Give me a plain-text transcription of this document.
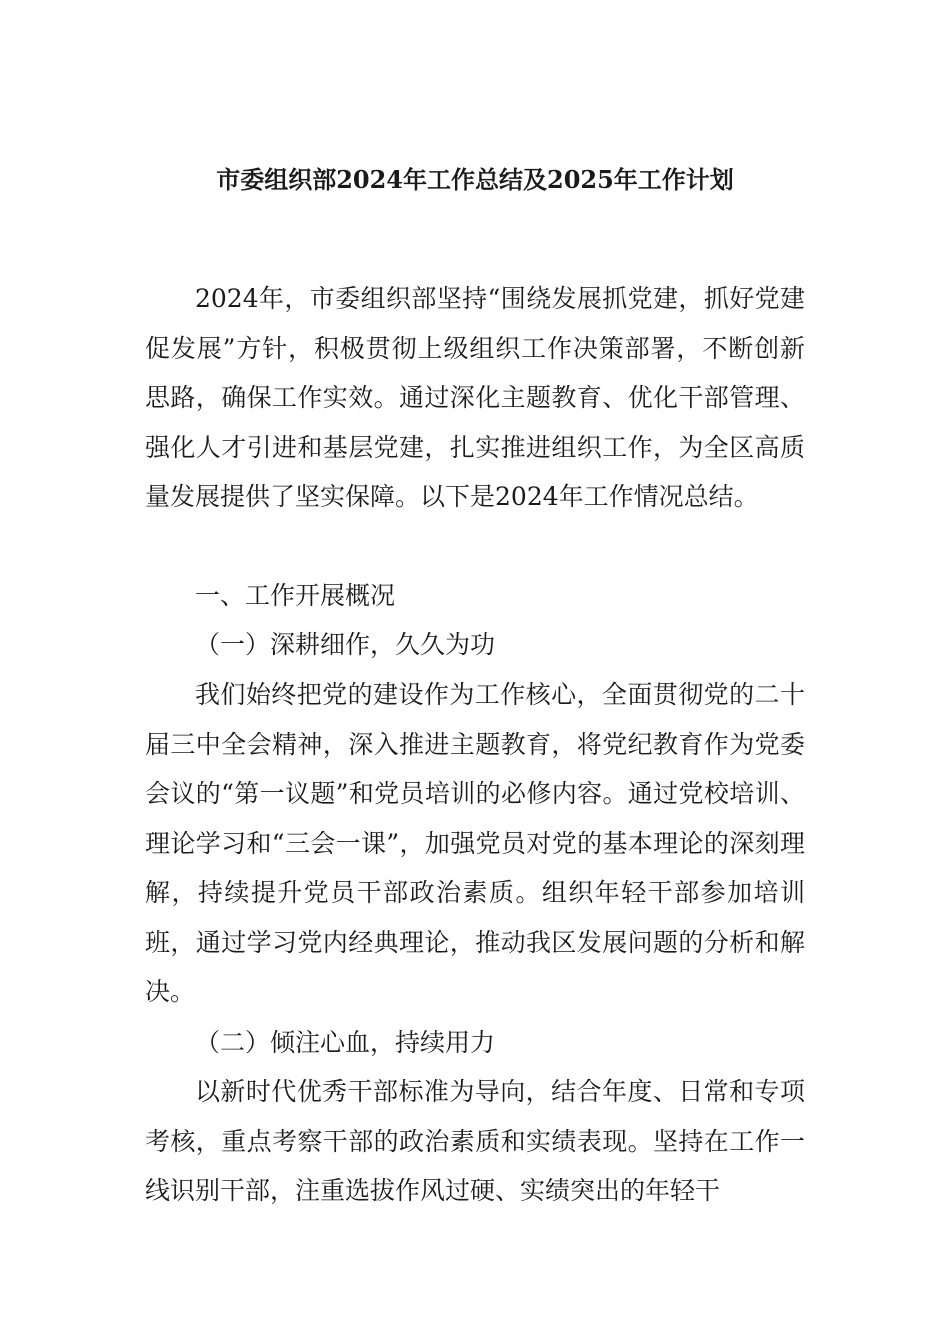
市委组织部2024年工作总结及2025年工作计划

2024年，市委组织部坚持“围绕发展抓党建，抓好党建促发展”方针，积极贯彻上级组织工作决策部署，不断创新思路，确保工作实效。通过深化主题教育、优化干部管理、强化人才引进和基层党建，扎实推进组织工作，为全区高质量发展提供了坚实保障。以下是2024年工作情况总结。

一、工作开展概况

（一）深耕细作，久久为功

我们始终把党的建设作为工作核心，全面贯彻党的二十届三中全会精神，深入推进主题教育，将党纪教育作为党委会议的“第一议题”和党员培训的必修内容。通过党校培训、理论学习和“三会一课”，加强党员对党的基本理论的深刻理解，持续提升党员干部政治素质。组织年轻干部参加培训班，通过学习党内经典理论，推动我区发展问题的分析和解决。

（二）倾注心血，持续用力

以新时代优秀干部标准为导向，结合年度、日常和专项考核，重点考察干部的政治素质和实绩表现。坚持在工作一线识别干部，注重选拔作风过硬、实绩突出的年轻干
